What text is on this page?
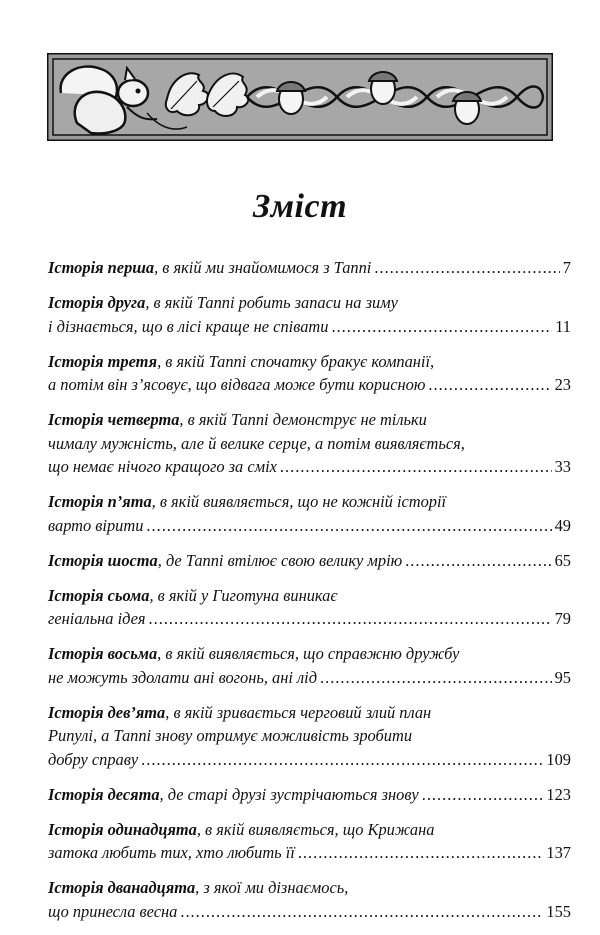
Зміст
Історія перша, в якій ми знайомимося з Таппі .....	7
Історія друга, в якій Таппі робить запаси на зиму
і дізнається, що в лісі краще не співати .....	11
Історія третя, в якій Таппі спочатку бракує компанії,
а потім він з’ясовує, що відвага може бути корисною .....	23
Історія четверта, в якій Таппі демонструє не тільки
чималу мужність, але й велике серце, а потім виявляється,
що немає нічого кращого за сміх .....	33
Історія п’ята, в якій виявляється, що не кожній історії
варто вірити .....	49
Історія шоста, де Таппі втілює свою велику мрію .....	65
Історія сьома, в якій у Гиготуна виникає
геніальна ідея .....	79
Історія восьма, в якій виявляється, що справжню дружбу
не можуть здолати ані вогонь, ані лід .....	95
Історія дев’ята, в якій зривається черговий злий план
Рипулі, а Таппі знову отримує можливість зробити
добру справу .....	109
Історія десята, де старі друзі зустрічаються знову .....	123
Історія одинадцята, в якій виявляється, що Крижана
затока любить тих, хто любить її .....	137
Історія дванадцята, з якої ми дізнаємось,
що принесла весна .....	155
